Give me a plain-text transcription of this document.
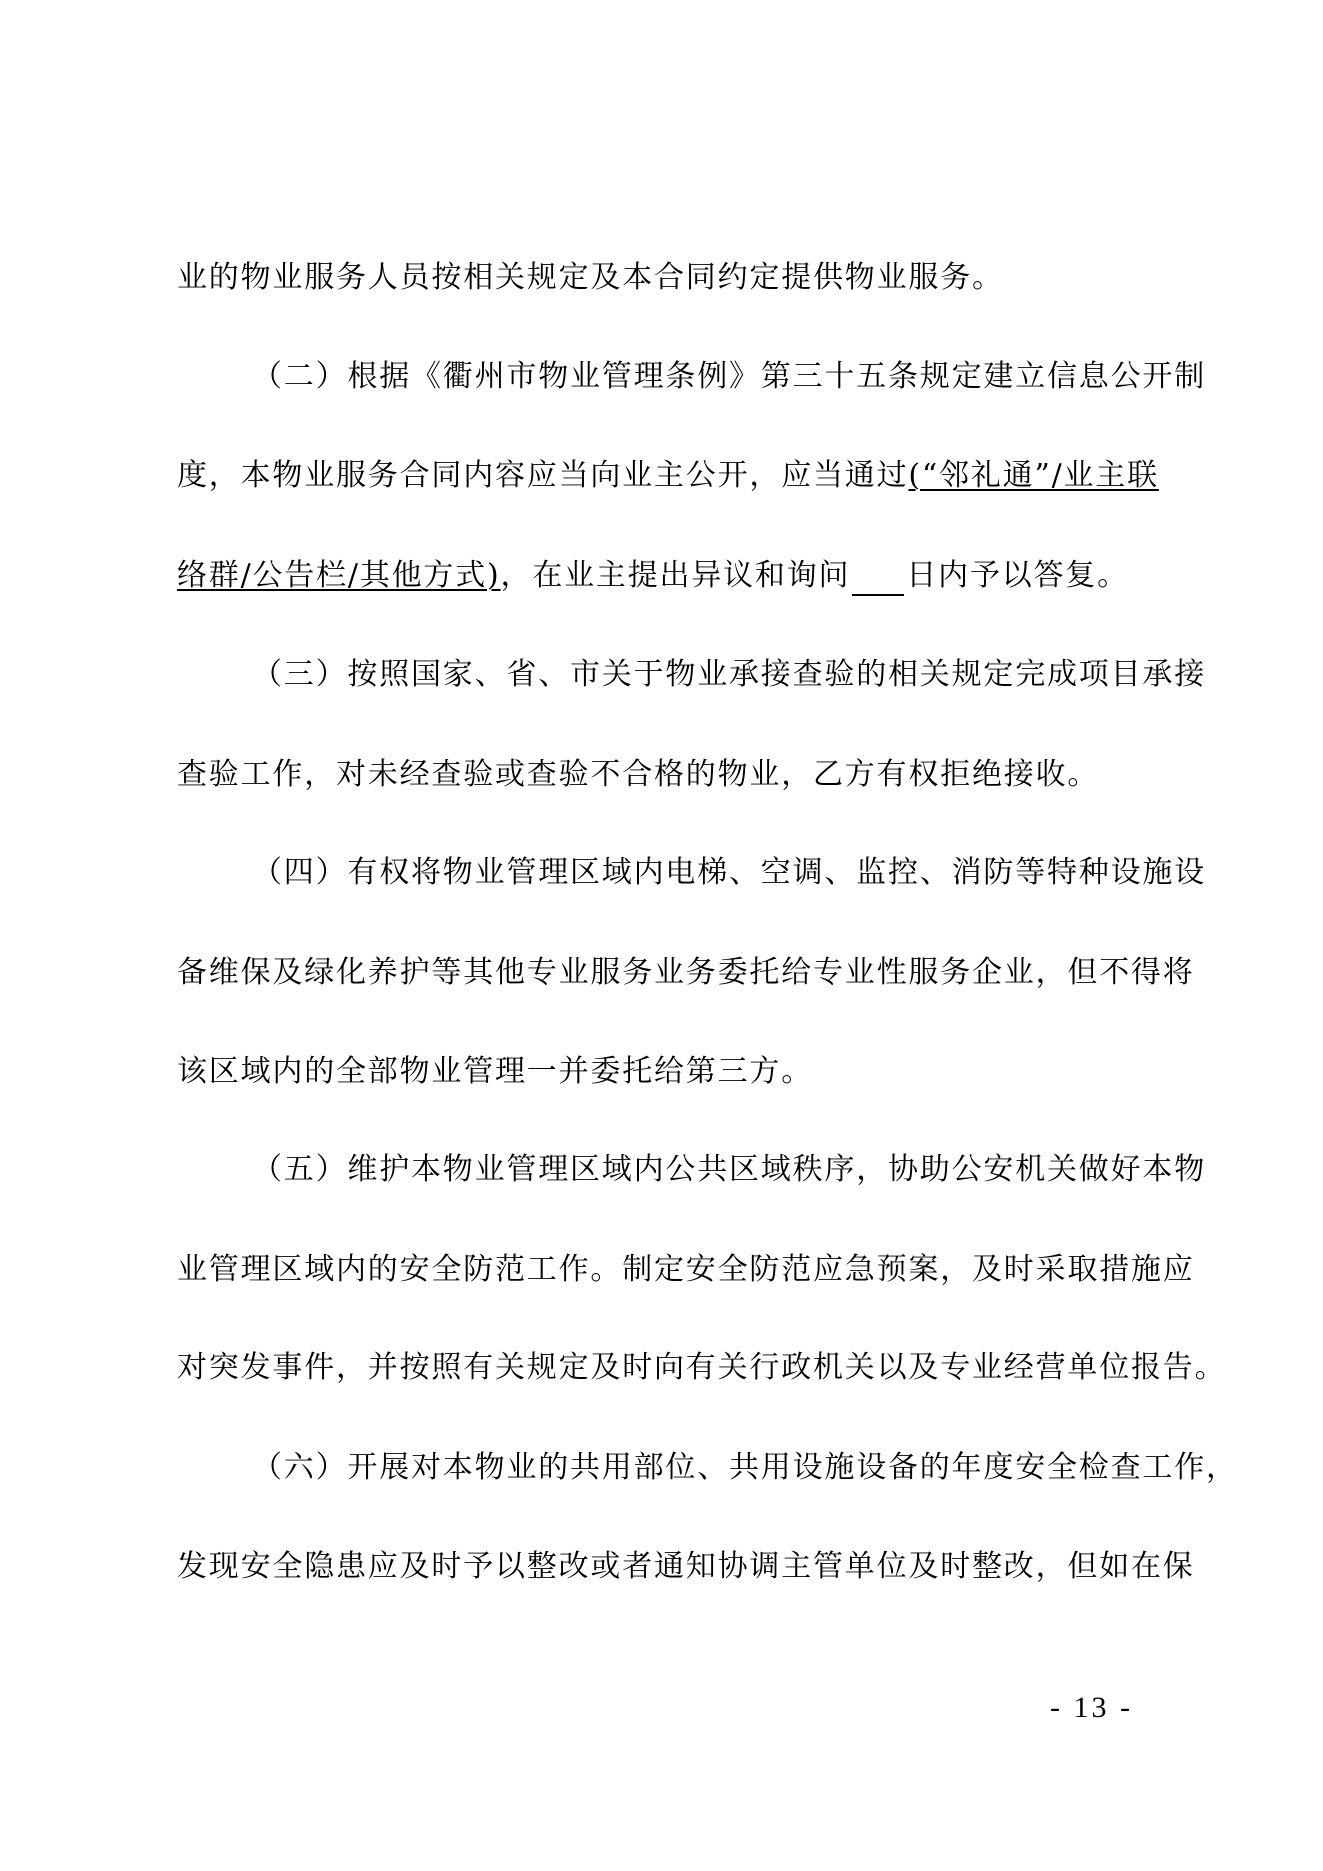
业的物业服务人员按相关规定及本合同约定提供物业服务。
（二）根据《衢州市物业管理条例》第三十五条规定建立信息公开制
度，本物业服务合同内容应当向业主公开，应当通过(“邻礼通”/业主联
络群/公告栏/其他方式)，在业主提出异议和询问 日内予以答复。
（三）按照国家、省、市关于物业承接查验的相关规定完成项目承接
查验工作，对未经查验或查验不合格的物业，乙方有权拒绝接收。
（四）有权将物业管理区域内电梯、空调、监控、消防等特种设施设
备维保及绿化养护等其他专业服务业务委托给专业性服务企业，但不得将
该区域内的全部物业管理一并委托给第三方。
（五）维护本物业管理区域内公共区域秩序，协助公安机关做好本物
业管理区域内的安全防范工作。制定安全防范应急预案，及时采取措施应
对突发事件，并按照有关规定及时向有关行政机关以及专业经营单位报告。
（六）开展对本物业的共用部位、共用设施设备的年度安全检查工作，
发现安全隐患应及时予以整改或者通知协调主管单位及时整改，但如在保
- 13 -
